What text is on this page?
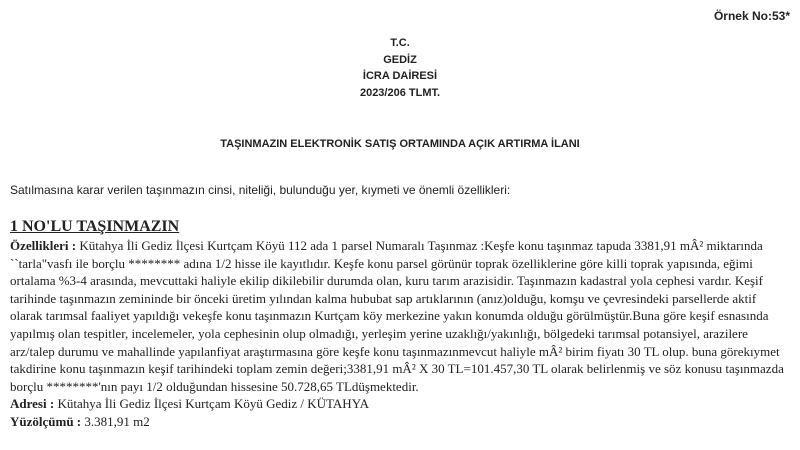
Örnek No:53*
T.C.
GEDİZ
İCRA DAİRESİ
2023/206 TLMT.
TAŞINMAZIN ELEKTRONİK SATIŞ ORTAMINDA AÇIK ARTIRMA İLANI
Satılmasına karar verilen taşınmazın cinsi, niteliği, bulunduğu yer, kıymeti ve önemli özellikleri:
1 NO'LU TAŞINMAZIN

Özellikleri : Kütahya İli Gediz İlçesi Kurtçam Köyü 112 ada 1 parsel Numaralı Taşınmaz :Keşfe konu taşınmaz tapuda 3381,91 mÂ² miktarında ``tarla"vasfı ile borçlu ******** adına 1/2 hisse ile kayıtlıdır. Keşfe konu parsel görünür toprak özelliklerine göre killi toprak yapısında, eğimi ortalama %3-4 arasında, mevcuttaki haliyle ekilip dikilebilir durumda olan, kuru tarım arazisidir. Taşınmazın kadastral yola cephesi vardır. Keşif tarihinde taşınmazın zemininde bir önceki üretim yılından kalma hububat sap artıklarının (anız)olduğu, komşu ve çevresindeki parsellerde aktif olarak tarımsal faaliyet yapıldığı vekeşfe konu taşınmazın Kurtçam köy merkezine yakın konumda olduğu görülmüştür.Buna göre keşif esnasında yapılmış olan tespitler, incelemeler, yola cephesinin olup olmadığı, yerleşim yerine uzaklığı/yakınlığı, bölgedeki tarımsal potansiyel, arazilere arz/talep durumu ve mahallinde yapılanfiyat araştırmasına göre keşfe konu taşınmazınmevcut haliyle mÂ² birim fiyatı 30 TL olup. buna görekıymet takdirine konu taşınmazın keşif tarihindeki toplam zemin değeri;3381,91 mÂ² X 30 TL=101.457,30 TL olarak belirlenmiş ve söz konusu taşınmazda borçlu ********'nın payı 1/2 olduğundan hissesine 50.728,65 TLdüşmektedir.

Adresi : Kütahya İli Gediz İlçesi Kurtçam Köyü Gediz / KÜTAHYA

Yüzölçümü : 3.381,91 m2
